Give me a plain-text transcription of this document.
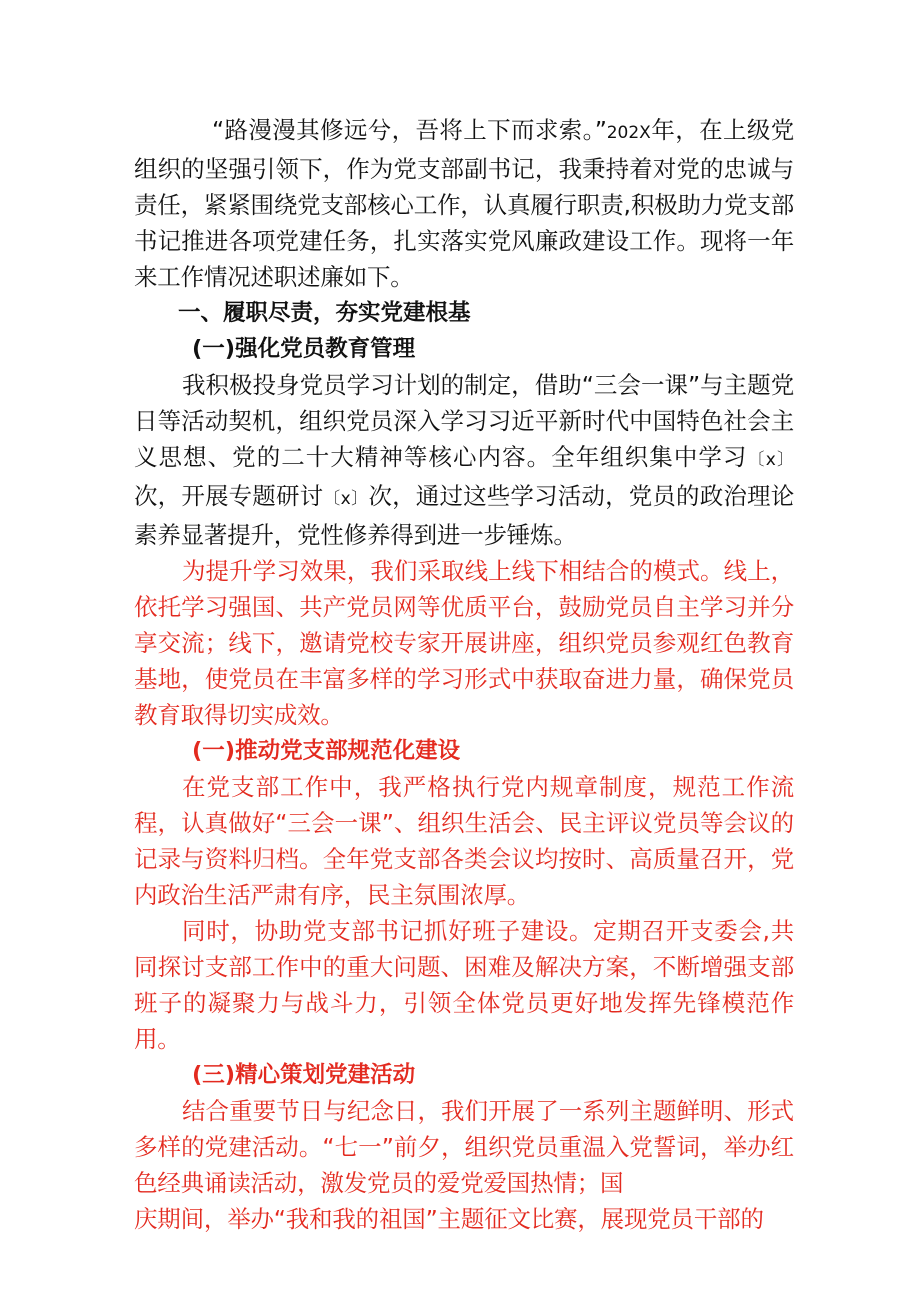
“路漫漫其修远兮，吾将上下而求索。”202X年，在上级党组织的坚强引领下，作为党支部副书记，我秉持着对党的忠诚与责任，紧紧围绕党支部核心工作，认真履行职责,积极助力党支部书记推进各项党建任务，扎实落实党风廉政建设工作。现将一年来工作情况述职述廉如下。

一、履职尽责，夯实党建根基

(一)强化党员教育管理

我积极投身党员学习计划的制定，借助“三会一课”与主题党日等活动契机，组织党员深入学习习近平新时代中国特色社会主义思想、党的二十大精神等核心内容。全年组织集中学习〔x〕次，开展专题研讨〔x〕次，通过这些学习活动，党员的政治理论素养显著提升，党性修养得到进一步锤炼。

为提升学习效果，我们采取线上线下相结合的模式。线上，依托学习强国、共产党员网等优质平台，鼓励党员自主学习并分享交流；线下，邀请党校专家开展讲座，组织党员参观红色教育基地，使党员在丰富多样的学习形式中获取奋进力量，确保党员教育取得切实成效。

(一)推动党支部规范化建设

在党支部工作中，我严格执行党内规章制度，规范工作流程，认真做好“三会一课”、组织生活会、民主评议党员等会议的记录与资料归档。全年党支部各类会议均按时、高质量召开，党内政治生活严肃有序，民主氛围浓厚。

同时，协助党支部书记抓好班子建设。定期召开支委会,共同探讨支部工作中的重大问题、困难及解决方案，不断增强支部班子的凝聚力与战斗力，引领全体党员更好地发挥先锋模范作用。

(三)精心策划党建活动

结合重要节日与纪念日，我们开展了一系列主题鲜明、形式多样的党建活动。“七一”前夕，组织党员重温入党誓词，举办红色经典诵读活动，激发党员的爱党爱国热情；国
庆期间，举办“我和我的祖国”主题征文比赛，展现党员干部的
